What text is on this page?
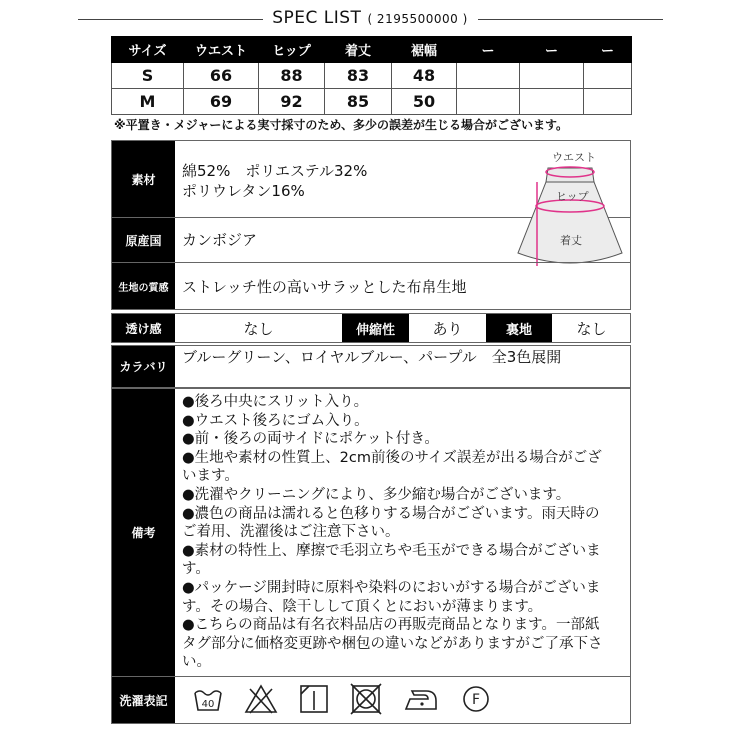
SPEC LIST ( 2195500000 )
サイズ	ウエスト	ヒップ	着丈	裾幅	ー	ー	ー
S	66	88	83	48			
M	69	92	85	50			
※平置き・メジャーによる実寸採寸のため、多少の誤差が生じる場合がございます。
素材	綿52%　ポリエステル32%
ポリウレタン16%
原産国	カンボジア
ウエスト
ヒップ
着丈
生地の質感 ストレッチ性の高いサラッとした布帛生地
透け感	なし	伸縮性	あり	裏地	なし
カラバリ
ブルーグリーン、ロイヤルブルー、パープル　全3色展開
備考
●後ろ中央にスリット入り。
●ウエスト後ろにゴム入り。
●前・後ろの両サイドにポケット付き。
●生地や素材の性質上、2cm前後のサイズ誤差が出る場合がござ
います。
●洗濯やクリーニングにより、多少縮む場合がございます。
●濃色の商品は濡れると色移りする場合がございます。雨天時の
ご着用、洗濯後はご注意下さい。
●素材の特性上、摩擦で毛羽立ちや毛玉ができる場合がございま
す。
●パッケージ開封時に原料や染料のにおいがする場合がございま
す。その場合、陰干しして頂くとにおいが薄まります。
●こちらの商品は有名衣料品店の再販売商品となります。一部紙
タグ部分に価格変更跡や梱包の違いなどがありますがご了承下さ
い。
洗濯表記	40	F
